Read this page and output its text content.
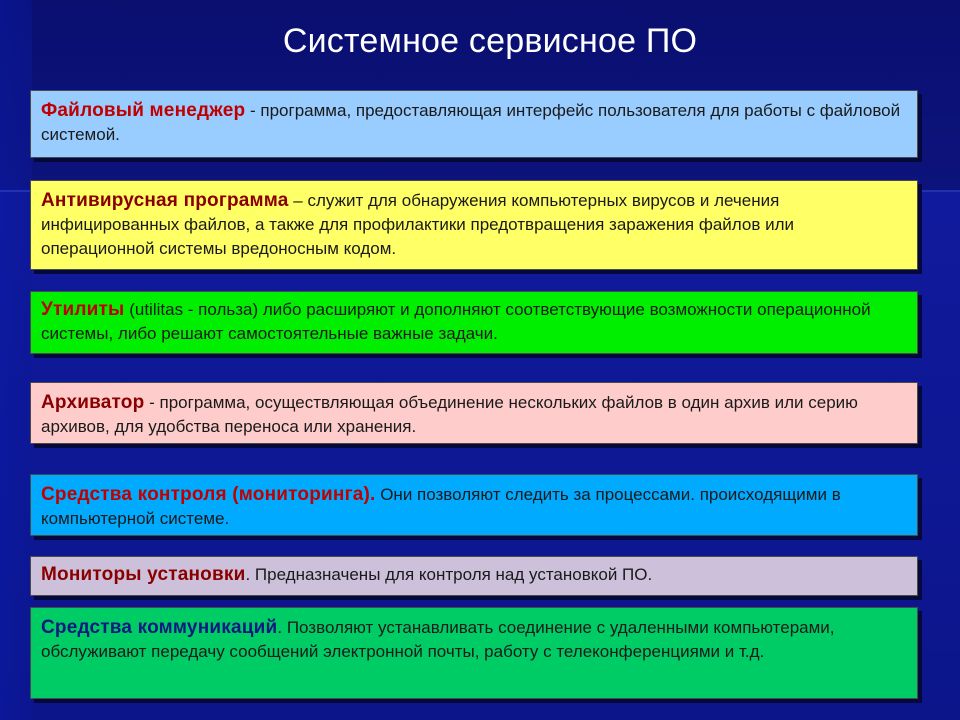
Системное сервисное ПО
Файловый менеджер - программа, предоставляющая интерфейс пользователя для работы с файловой системой.
Антивирусная программа – служит для обнаружения компьютерных вирусов и лечения инфицированных файлов, а также для профилактики предотвращения заражения файлов или операционной системы вредоносным кодом.
Утилиты (utilitas - польза) либо расширяют и дополняют соответствующие возможности операционной системы, либо решают самостоятельные важные задачи.
Архиватор - программа, осуществляющая объединение нескольких файлов в один архив или серию архивов, для удобства переноса или хранения.
Средства контроля (мониторинга). Они позволяют следить за процессами. происходящими в компьютерной системе.
Мониторы установки. Предназначены для контроля над установкой ПО.
Средства коммуникаций. Позволяют устанавливать соединение с удаленными компьютерами, обслуживают передачу сообщений электронной почты, работу с телеконференциями и т.д.
